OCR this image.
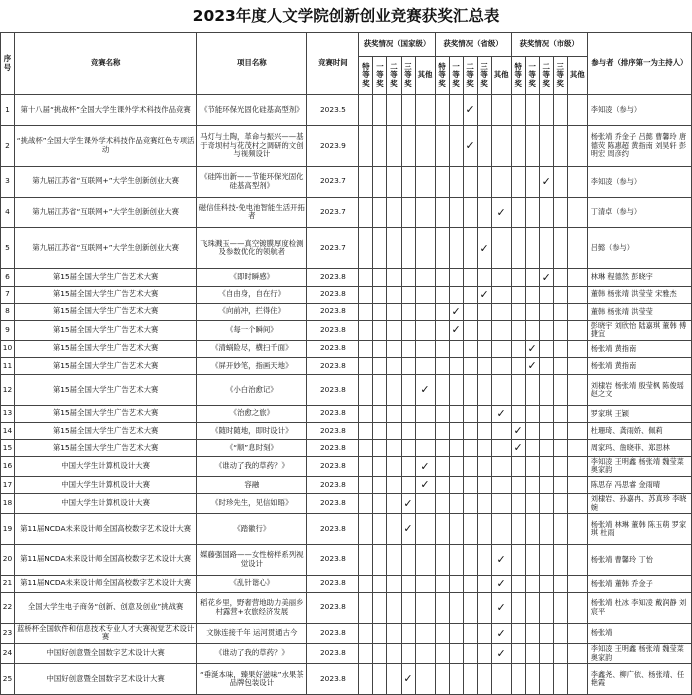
2023年度人文学院创新创业竞赛获奖汇总表
序号	竞赛名称	项目名称	竞赛时间	获奖情况（国家级）					获奖情况（省级）					获奖情况（市级）					参与者（排序第一为主持人）
				特等奖	一等奖	二等奖	三等奖	其他	特等奖	一等奖	二等奖	三等奖	其他	特等奖	一等奖	二等奖	三等奖	其他	
1	第十八届“挑战杯”全国大学生课外学术科技作品竞赛	《节能环保光固化硅基高型剂》	2023.5								✓								李知凌（参与）
2	“挑战杯”全国大学生课外学术科技作品竞赛红色专项活动	马灯与土陶，革命与振兴——基于奇坝村与花茂村之调研的文创与视频设计	2023.9								✓								杨张靖 乔金子 吕懿 曹馨玲 唐德荧 陈惠超 黄指南 刘昊轩 彭明宏 周彦约
3	第九届江苏省“互联网+”大学生创新创业大赛	《硅阵出新——节能环保光固化硅基高型剂》	2023.7													✓			李知凌（参与）
4	第九届江苏省“互联网+”大学生创新创业大赛	磁信佳科技-免电池智能生活开拓者	2023.7										✓						丁清卓（参与）
5	第九届江苏省“互联网+”大学生创新创业大赛	飞珠溅玉——真空镀膜厚度检测及参数优化的领航者	2023.7									✓							吕懿（参与）
6	第15届全国大学生广告艺术大赛	《即时瞬感》	2023.8													✓			林琳 程德然 彭晓宇
7	第15届全国大学生广告艺术大赛	《自由身，自在行》	2023.8									✓							董韩 杨张靖 洪莹莹 宋雅杰
8	第15届全国大学生广告艺术大赛	《向前冲，拦得住》	2023.8							✓									董韩 杨张靖 洪莹莹
9	第15届全国大学生广告艺术大赛	《每一个瞬间》	2023.8							✓									彭晓宇 刘欣怡 陆嘉琪 董韩 傅捷宜
10	第15届全国大学生广告艺术大赛	《清蜗险尽，横扫千面》	2023.8												✓				杨张靖 黄指南
11	第15届全国大学生广告艺术大赛	《屏开妙笔，指画天地》	2023.8												✓				杨张靖 黄指南
12	第15届全国大学生广告艺术大赛	《小白治愈记》	2023.8					✓											刘棣岩 杨张靖 殷莹枫 陈俊瑶 赵之文
13	第15届全国大学生广告艺术大赛	《治愈之旅》	2023.8										✓						罗家琪 王颖
14	第15届全国大学生广告艺术大赛	《随时随地，即时设计》	2023.8											✓					杜珊琦、龚雨娇、佩莉
15	第15届全国大学生广告艺术大赛	《“顺”息时刻》	2023.8											✓					周家玛、詹晓菲、郑思林
16	中国大学生计算机设计大赛	《谁动了我的草药？》	2023.8					✓											李知凌 王明鑫 杨张靖 魏莹菜 奥家韵
17	中国大学生计算机设计大赛	容融	2023.8					✓											陈思存 冯思睿 金雨晴
18	中国大学生计算机设计大赛	《时珍先生，见信如晤》	2023.8				✓												刘棣岩、孙嘉冉、苏真珍 李晓婉
19	第11届NCDA未来设计师全国高校数字艺术设计大赛	《踏徽行》	2023.8				✓												杨张靖 林琳 董韩 陈玉萌 罗家琪 杜雨
20	第11届NCDA未来设计师全国高校数字艺术设计大赛	媒藤强国路——女性榜样系列视觉设计	2023.8										✓						杨张靖 曹馨玲 丁怡
21	第11届NCDA未来设计师全国高校数字艺术设计大赛	《乱针谐心》	2023.8										✓						杨张靖 董韩 乔金子
22	全国大学生电子商务“创新、创意及创业”挑战赛	稻花乡里，野奢营地助力美丽乡村露营+农旅经济发展	2023.8										✓						杨张靖 杜冰 李知凌 戴润静 刘宸平
23	蓝桥杯全国软件和信息技术专业人才大赛视觉艺术设计赛	文脉连接千年 运河贯通古今	2023.8										✓						杨张靖
24	中国好创意暨全国数字艺术设计大赛	《谁动了我的草药？》	2023.8										✓						李知凌 王明鑫 杨张靖 魏莹菜 奥家韵
25	中国好创意暨全国数字艺术设计大赛	“垂涎本味，臻果好滋味”水果茶品牌包装设计	2023.8				✓												李鑫尧、柳广依、杨张靖、任艳霞
